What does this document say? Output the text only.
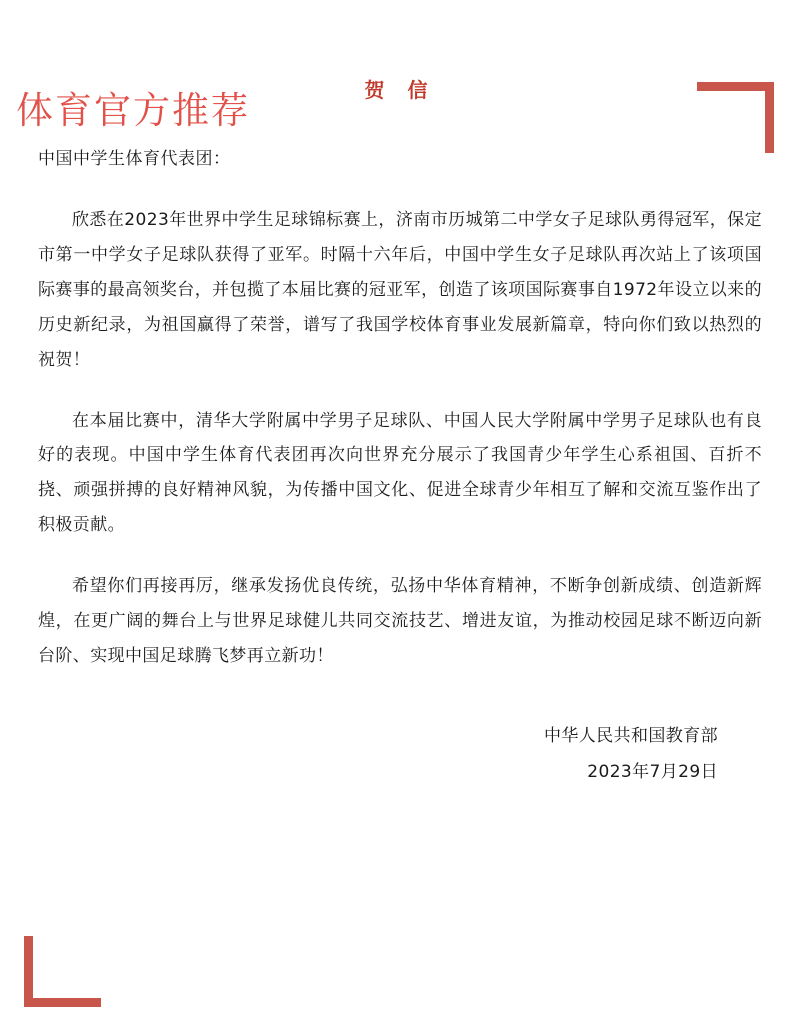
体育官方推荐	贺 信
中国中学生体育代表团：

欣悉在2023年世界中学生足球锦标赛上，济南市历城第二中学女子足球队勇得冠军，保定市第一中学女子足球队获得了亚军。时隔十六年后，中国中学生女子足球队再次站上了该项国际赛事的最高领奖台，并包揽了本届比赛的冠亚军，创造了该项国际赛事自1972年设立以来的历史新纪录，为祖国赢得了荣誉，谱写了我国学校体育事业发展新篇章，特向你们致以热烈的祝贺！

在本届比赛中，清华大学附属中学男子足球队、中国人民大学附属中学男子足球队也有良好的表现。中国中学生体育代表团再次向世界充分展示了我国青少年学生心系祖国、百折不挠、顽强拼搏的良好精神风貌，为传播中国文化、促进全球青少年相互了解和交流互鉴作出了积极贡献。

希望你们再接再厉，继承发扬优良传统，弘扬中华体育精神，不断争创新成绩、创造新辉煌，在更广阔的舞台上与世界足球健儿共同交流技艺、增进友谊，为推动校园足球不断迈向新台阶、实现中国足球腾飞梦再立新功！

中华人民共和国教育部
2023年7月29日
